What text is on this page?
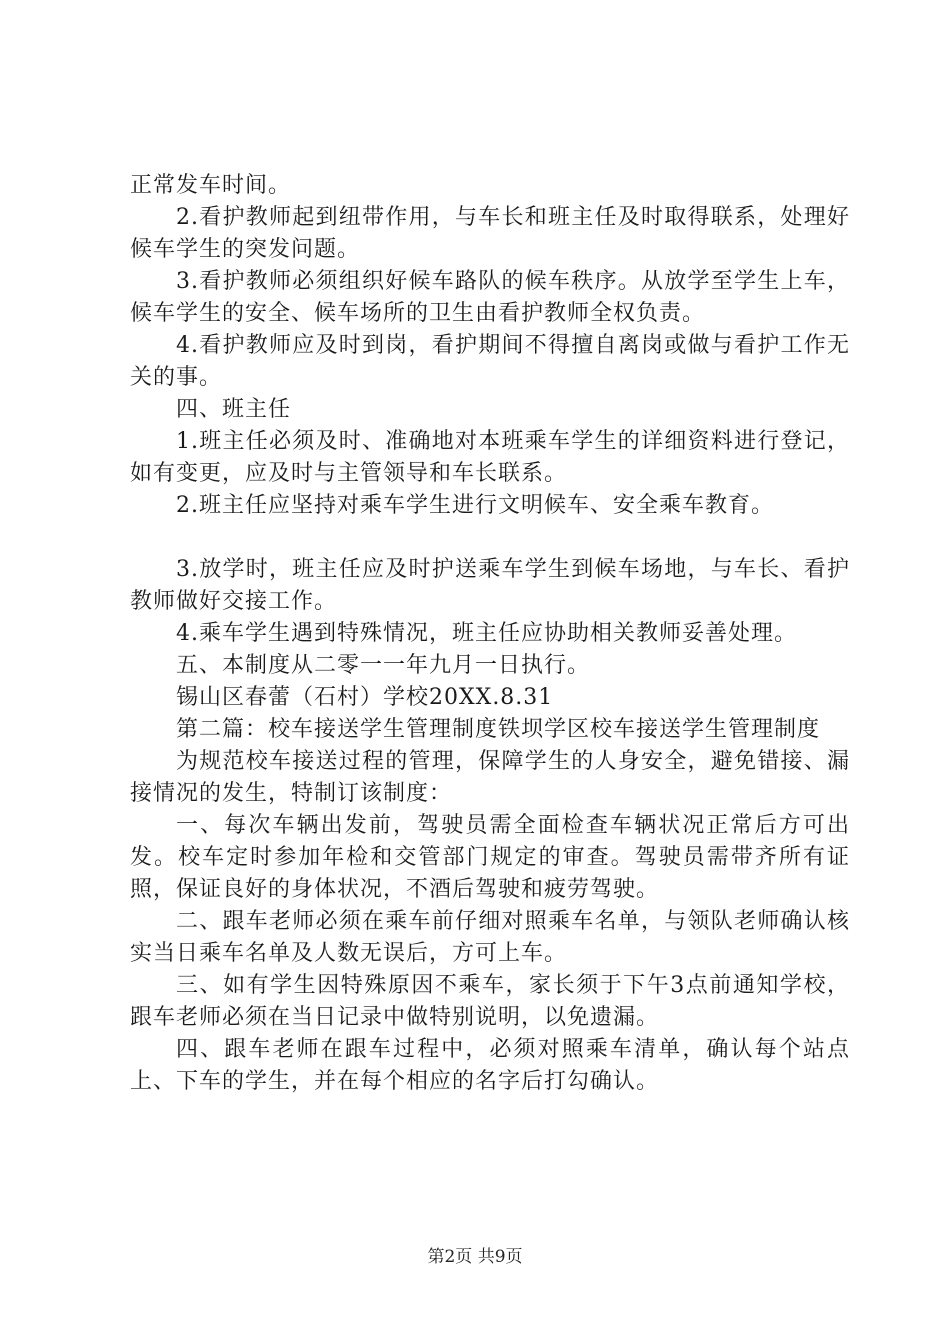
正常发车时间。

2.看护教师起到纽带作用，与车长和班主任及时取得联系，处理好候车学生的突发问题。

3.看护教师必须组织好候车路队的候车秩序。从放学至学生上车，候车学生的安全、候车场所的卫生由看护教师全权负责。

4.看护教师应及时到岗，看护期间不得擅自离岗或做与看护工作无关的事。

四、班主任

1.班主任必须及时、准确地对本班乘车学生的详细资料进行登记，如有变更，应及时与主管领导和车长联系。

2.班主任应坚持对乘车学生进行文明候车、安全乘车教育。

3.放学时，班主任应及时护送乘车学生到候车场地，与车长、看护教师做好交接工作。

4.乘车学生遇到特殊情况，班主任应协助相关教师妥善处理。

五、本制度从二零一一年九月一日执行。

锡山区春蕾（石村）学校20XX.8.31

第二篇：校车接送学生管理制度铁坝学区校车接送学生管理制度

为规范校车接送过程的管理，保障学生的人身安全，避免错接、漏接情况的发生，特制订该制度：

一、每次车辆出发前，驾驶员需全面检查车辆状况正常后方可出发。校车定时参加年检和交管部门规定的审查。驾驶员需带齐所有证照，保证良好的身体状况，不酒后驾驶和疲劳驾驶。

二、跟车老师必须在乘车前仔细对照乘车名单，与领队老师确认核实当日乘车名单及人数无误后，方可上车。

三、如有学生因特殊原因不乘车，家长须于下午3点前通知学校，跟车老师必须在当日记录中做特别说明，以免遗漏。

四、跟车老师在跟车过程中，必须对照乘车清单，确认每个站点上、下车的学生，并在每个相应的名字后打勾确认。

第2页 共9页
